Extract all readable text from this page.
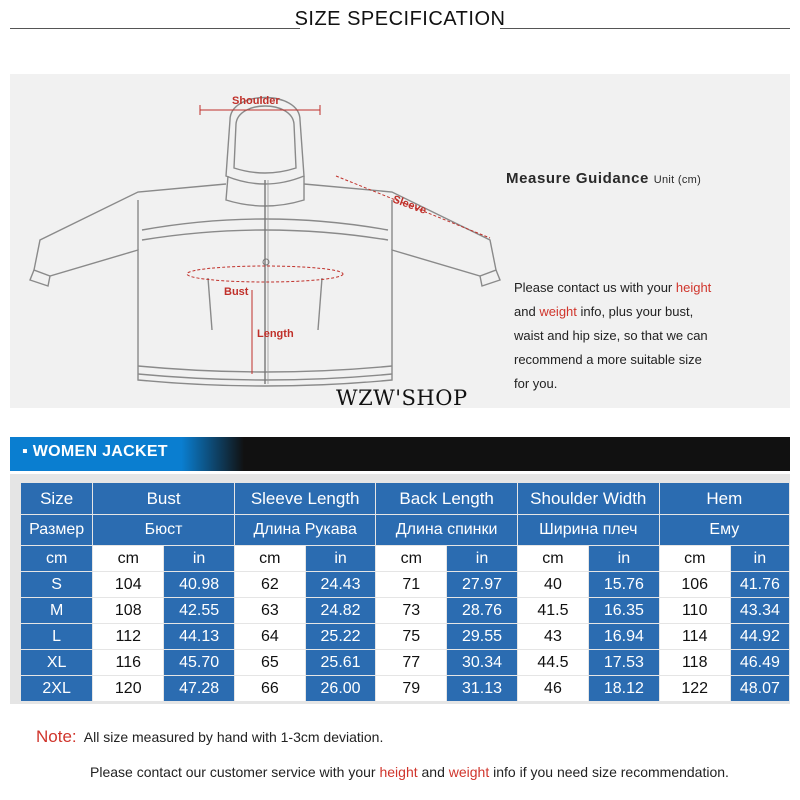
SIZE SPECIFICATION
Shoulder
Sleeve
Bust
Length
Measure Guidance Unit (cm)
Please contact us with your height
and weight info, plus your bust,
waist and hip size, so that we can
recommend a more suitable size
for you.
WZW'SHOP
▪ WOMEN JACKET
Size	Bust		Sleeve Length		Back Length		Shoulder Width		Hem	
Размер	Бюст		Длина Рукава		Длина спинки		Ширина плеч		Ему	
cm	cm	in	cm	in	cm	in	cm	in	cm	in
S	104	40.98	62	24.43	71	27.97	40	15.76	106	41.76
M	108	42.55	63	24.82	73	28.76	41.5	16.35	110	43.34
L	112	44.13	64	25.22	75	29.55	43	16.94	114	44.92
XL	116	45.70	65	25.61	77	30.34	44.5	17.53	118	46.49
2XL	120	47.28	66	26.00	79	31.13	46	18.12	122	48.07
Note: All size measured by hand with 1-3cm deviation.
Please contact our customer service with your height and weight info if you need size recommendation.
